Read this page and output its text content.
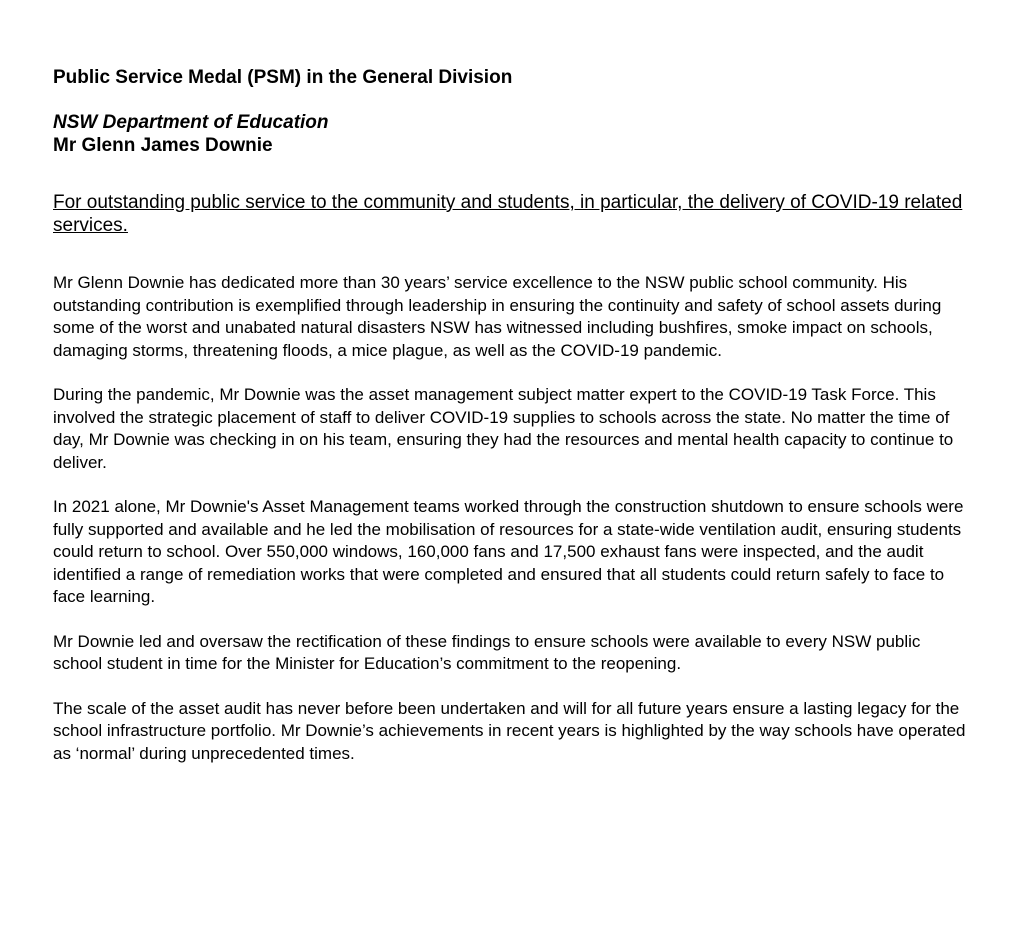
Public Service Medal (PSM) in the General Division

NSW Department of Education

Mr Glenn James Downie

For outstanding public service to the community and students, in particular, the delivery of COVID-19 related services.

Mr Glenn Downie has dedicated more than 30 years’ service excellence to the NSW public school community. His outstanding contribution is exemplified through leadership in ensuring the continuity and safety of school assets during some of the worst and unabated natural disasters NSW has witnessed including bushfires, smoke impact on schools, damaging storms, threatening floods, a mice plague, as well as the COVID-19 pandemic.

During the pandemic, Mr Downie was the asset management subject matter expert to the COVID-19 Task Force. This involved the strategic placement of staff to deliver COVID-19 supplies to schools across the state. No matter the time of day, Mr Downie was checking in on his team, ensuring they had the resources and mental health capacity to continue to deliver.

In 2021 alone, Mr Downie's Asset Management teams worked through the construction shutdown to ensure schools were fully supported and available and he led the mobilisation of resources for a state-wide ventilation audit, ensuring students could return to school. Over 550,000 windows, 160,000 fans and 17,500 exhaust fans were inspected, and the audit identified a range of remediation works that were completed and ensured that all students could return safely to face to face learning.

Mr Downie led and oversaw the rectification of these findings to ensure schools were available to every NSW public school student in time for the Minister for Education’s commitment to the reopening.

The scale of the asset audit has never before been undertaken and will for all future years ensure a lasting legacy for the school infrastructure portfolio. Mr Downie’s achievements in recent years is highlighted by the way schools have operated as ‘normal’ during unprecedented times.
